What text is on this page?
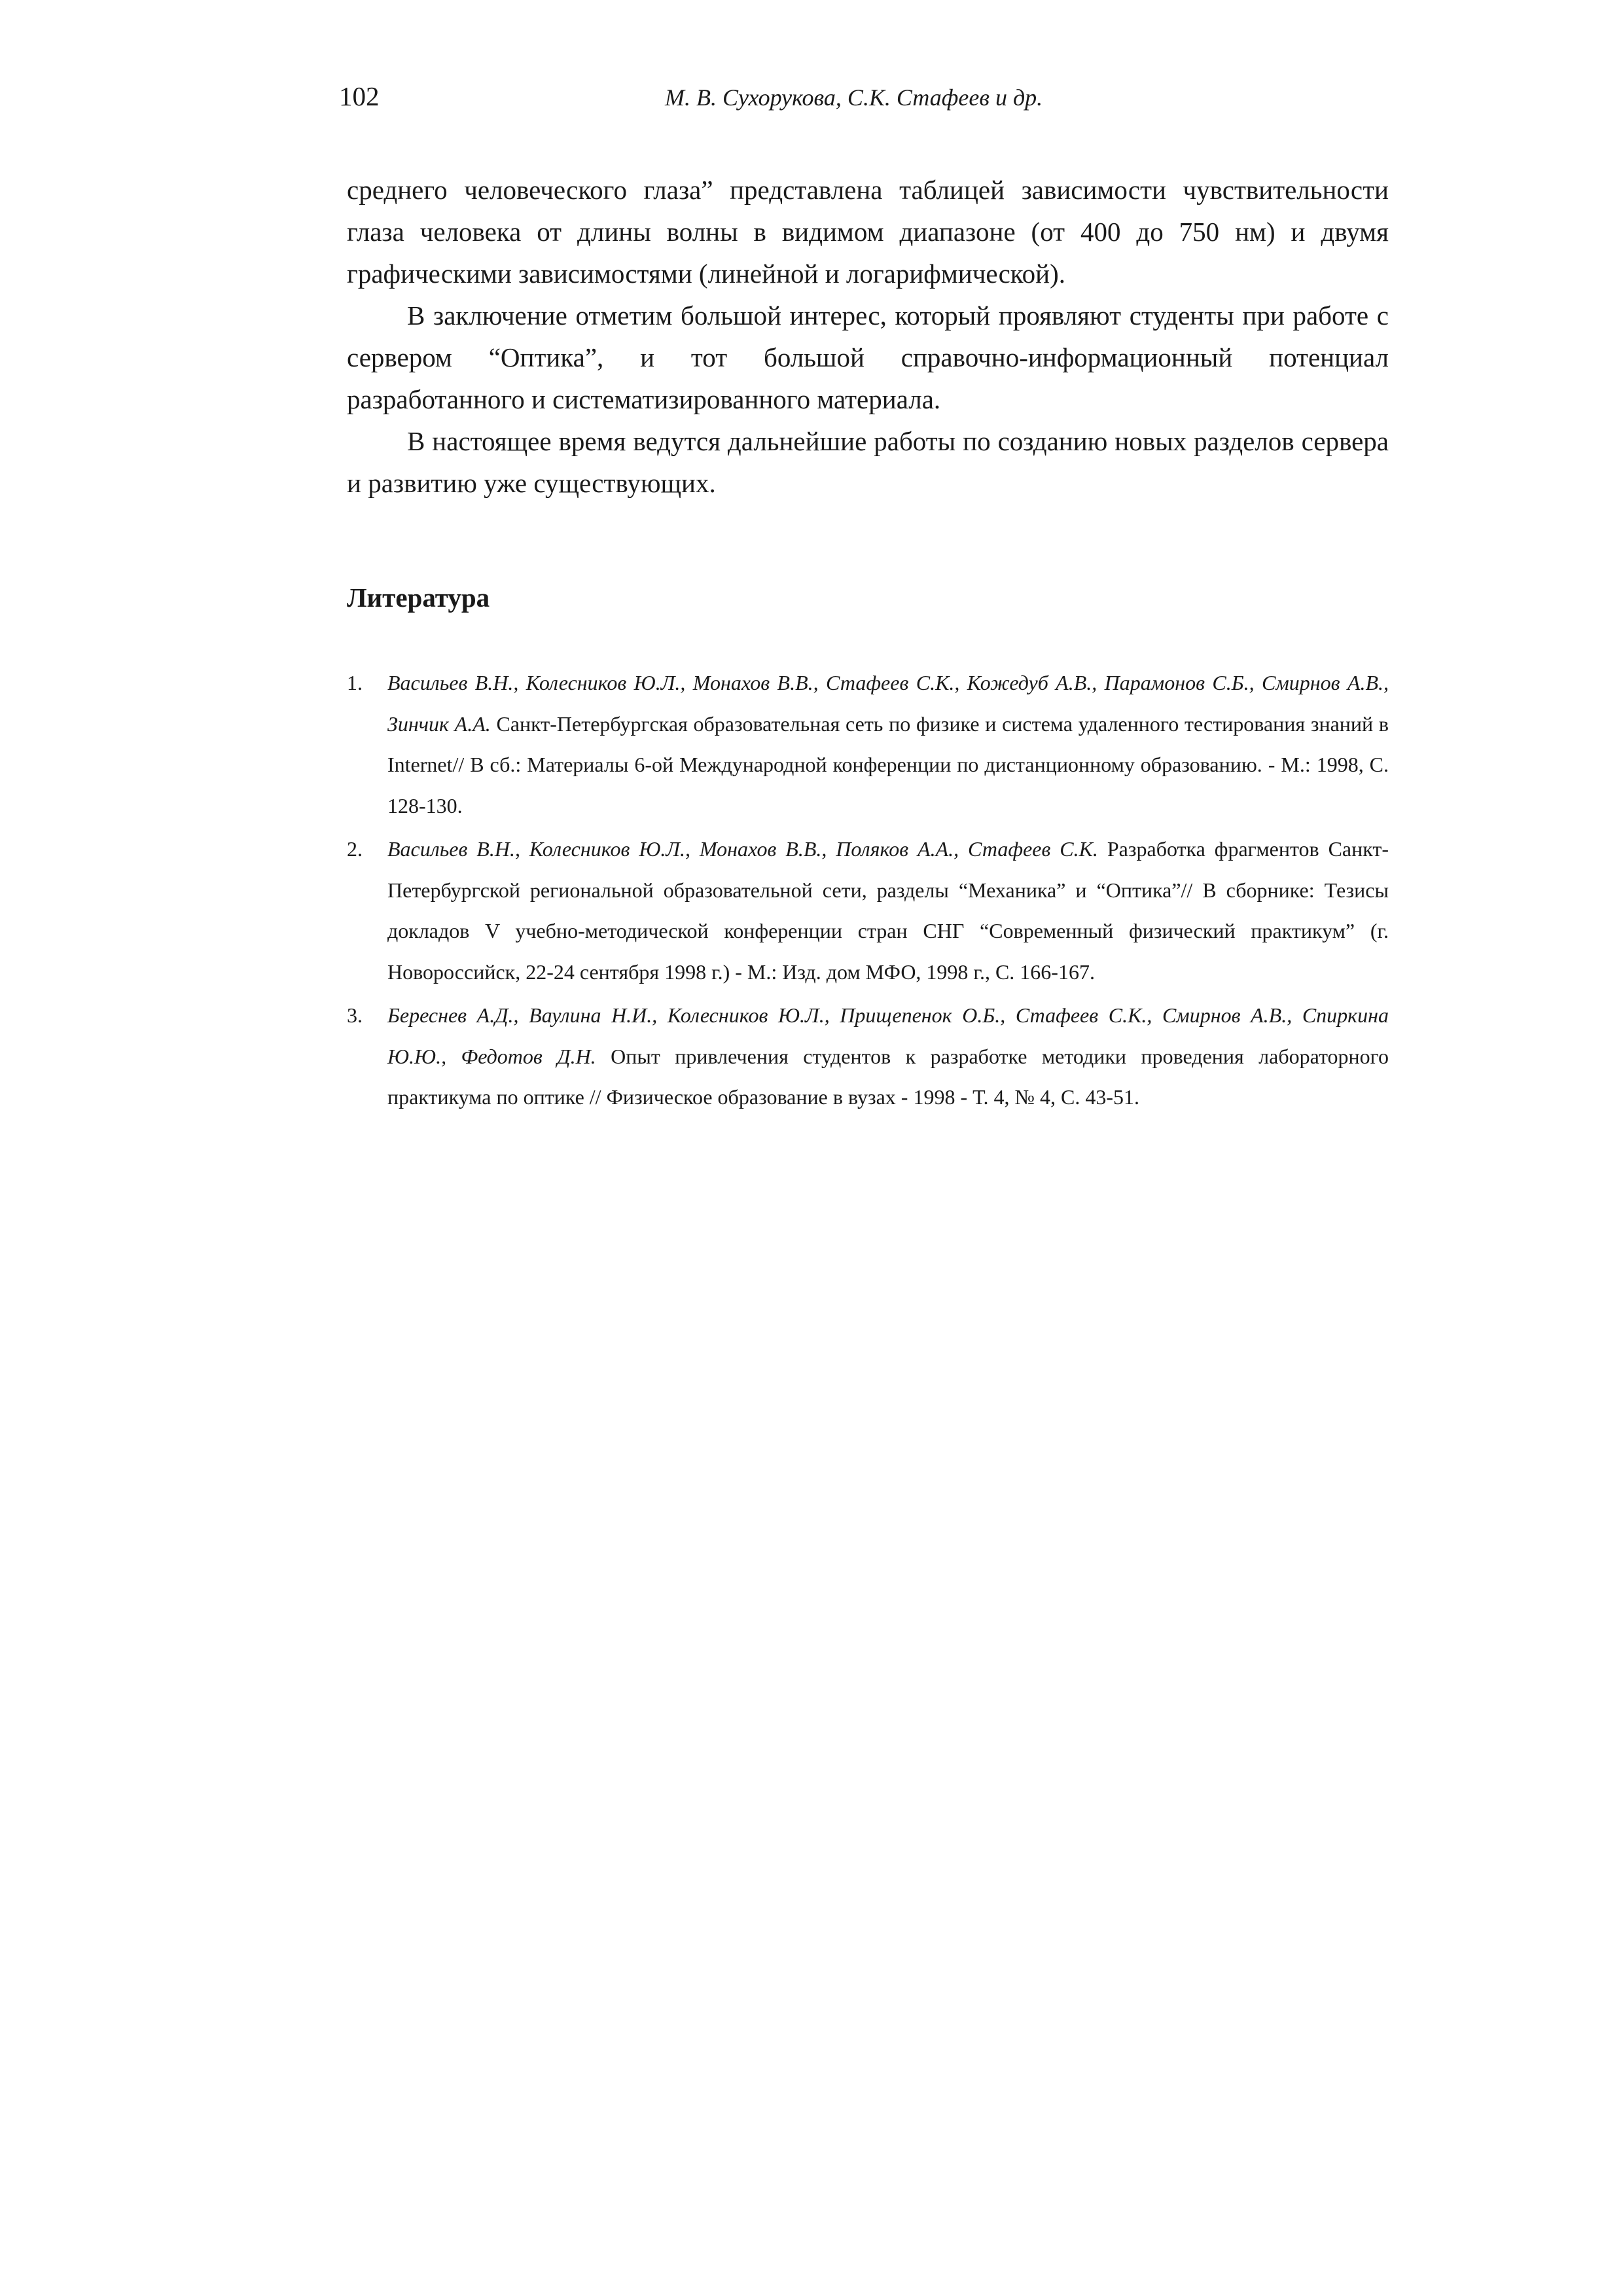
102	М. В. Сухорукова, С.К. Стафеев и др.

среднего человеческого глаза” представлена таблицей зависимости чувствительности глаза человека от длины волны в видимом диапазоне (от 400 до 750 нм) и двумя графическими зависимостями (линейной и логарифмической).

В заключение отметим большой интерес, который проявляют студенты при работе с сервером “Оптика”, и тот большой справочно-информационный потенциал разработанного и систематизированного материала.

В настоящее время ведутся дальнейшие работы по созданию новых разделов сервера и развитию уже существующих.

Литература
1. Васильев В.Н., Колесников Ю.Л., Монахов В.В., Стафеев С.К., Кожедуб А.В., Парамонов С.Б., Смирнов А.В., Зинчик А.А. Санкт-Петербургская образовательная сеть по физике и система удаленного тестирования знаний в Internet// В сб.: Материалы 6-ой Международной конференции по дистанционному образованию. - М.: 1998, С. 128-130.
2. Васильев В.Н., Колесников Ю.Л., Монахов В.В., Поляков А.А., Стафеев С.К. Разработка фрагментов Санкт-Петербургской региональной образовательной сети, разделы “Механика” и “Оптика”// В сборнике: Тезисы докладов V учебно-методической конференции стран СНГ “Современный физический практикум” (г. Новороссийск, 22-24 сентября 1998 г.) - М.: Изд. дом МФО, 1998 г., С. 166-167.
3. Береснев А.Д., Ваулина Н.И., Колесников Ю.Л., Прищепенок О.Б., Стафеев С.К., Смирнов А.В., Спиркина Ю.Ю., Федотов Д.Н. Опыт привлечения студентов к разработке методики проведения лабораторного практикума по оптике // Физическое образование в вузах - 1998 - Т. 4, № 4, С. 43-51.
